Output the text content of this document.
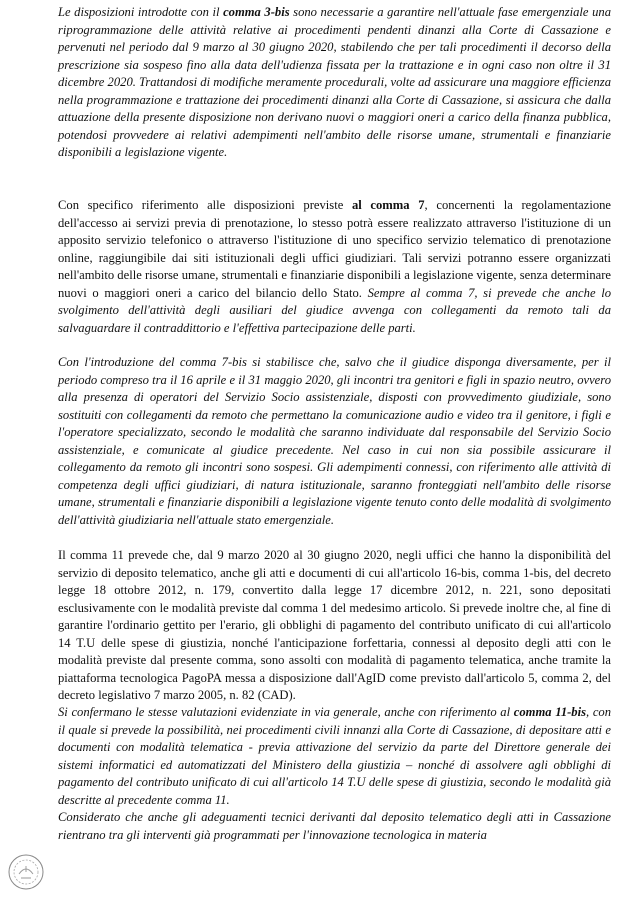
Le disposizioni introdotte con il comma 3-bis sono necessarie a garantire nell'attuale fase emergenziale una riprogrammazione delle attività relative ai procedimenti pendenti dinanzi alla Corte di Cassazione e pervenuti nel periodo dal 9 marzo al 30 giugno 2020, stabilendo che per tali procedimenti il decorso della prescrizione sia sospeso fino alla data dell'udienza fissata per la trattazione e in ogni caso non oltre il 31 dicembre 2020. Trattandosi di modifiche meramente procedurali, volte ad assicurare una maggiore efficienza nella programmazione e trattazione dei procedimenti dinanzi alla Corte di Cassazione, si assicura che dalla attuazione della presente disposizione non derivano nuovi o maggiori oneri a carico della finanza pubblica, potendosi provvedere ai relativi adempimenti nell'ambito delle risorse umane, strumentali e finanziarie disponibili a legislazione vigente.

Con specifico riferimento alle disposizioni previste al comma 7, concernenti la regolamentazione dell'accesso ai servizi previa di prenotazione, lo stesso potrà essere realizzato attraverso l'istituzione di un apposito servizio telefonico o attraverso l'istituzione di uno specifico servizio telematico di prenotazione online, raggiungibile dai siti istituzionali degli uffici giudiziari. Tali servizi potranno essere organizzati nell'ambito delle risorse umane, strumentali e finanziarie disponibili a legislazione vigente, senza determinare nuovi o maggiori oneri a carico del bilancio dello Stato. Sempre al comma 7, si prevede che anche lo svolgimento dell'attività degli ausiliari del giudice avvenga con collegamenti da remoto tali da salvaguardare il contraddittorio e l'effettiva partecipazione delle parti.

Con l'introduzione del comma 7-bis si stabilisce che, salvo che il giudice disponga diversamente, per il periodo compreso tra il 16 aprile e il 31 maggio 2020, gli incontri tra genitori e figli in spazio neutro, ovvero alla presenza di operatori del Servizio Socio assistenziale, disposti con provvedimento giudiziale, sono sostituiti con collegamenti da remoto che permettano la comunicazione audio e video tra il genitore, i figli e l'operatore specializzato, secondo le modalità che saranno individuate dal responsabile del Servizio Socio assistenziale, e comunicate al giudice precedente. Nel caso in cui non sia possibile assicurare il collegamento da remoto gli incontri sono sospesi. Gli adempimenti connessi, con riferimento alle attività di competenza degli uffici giudiziari, di natura istituzionale, saranno fronteggiati nell'ambito delle risorse umane, strumentali e finanziarie disponibili a legislazione vigente tenuto conto delle modalità di svolgimento dell'attività giudiziaria nell'attuale stato emergenziale.

Il comma 11 prevede che, dal 9 marzo 2020 al 30 giugno 2020, negli uffici che hanno la disponibilità del servizio di deposito telematico, anche gli atti e documenti di cui all'articolo 16-bis, comma 1-bis, del decreto legge 18 ottobre 2012, n. 179, convertito dalla legge 17 dicembre 2012, n. 221, sono depositati esclusivamente con le modalità previste dal comma 1 del medesimo articolo. Si prevede inoltre che, al fine di garantire l'ordinario gettito per l'erario, gli obblighi di pagamento del contributo unificato di cui all'articolo 14 T.U delle spese di giustizia, nonché l'anticipazione forfettaria, connessi al deposito degli atti con le modalità previste dal presente comma, sono assolti con modalità di pagamento telematica, anche tramite la piattaforma tecnologica PagoPA messa a disposizione dall'AgID come previsto dall'articolo 5, comma 2, del decreto legislativo 7 marzo 2005, n. 82 (CAD).

Si confermano le stesse valutazioni evidenziate in via generale, anche con riferimento al comma 11-bis, con il quale si prevede la possibilità, nei procedimenti civili innanzi alla Corte di Cassazione, di depositare atti e documenti con modalità telematica - previa attivazione del servizio da parte del Direttore generale dei sistemi informatici ed automatizzati del Ministero della giustizia – nonché di assolvere agli obblighi di pagamento del contributo unificato di cui all'articolo 14 T.U delle spese di giustizia, secondo le modalità già descritte al precedente comma 11.

Considerato che anche gli adeguamenti tecnici derivanti dal deposito telematico degli atti in Cassazione rientrano tra gli interventi già programmati per l'innovazione tecnologica in materia
